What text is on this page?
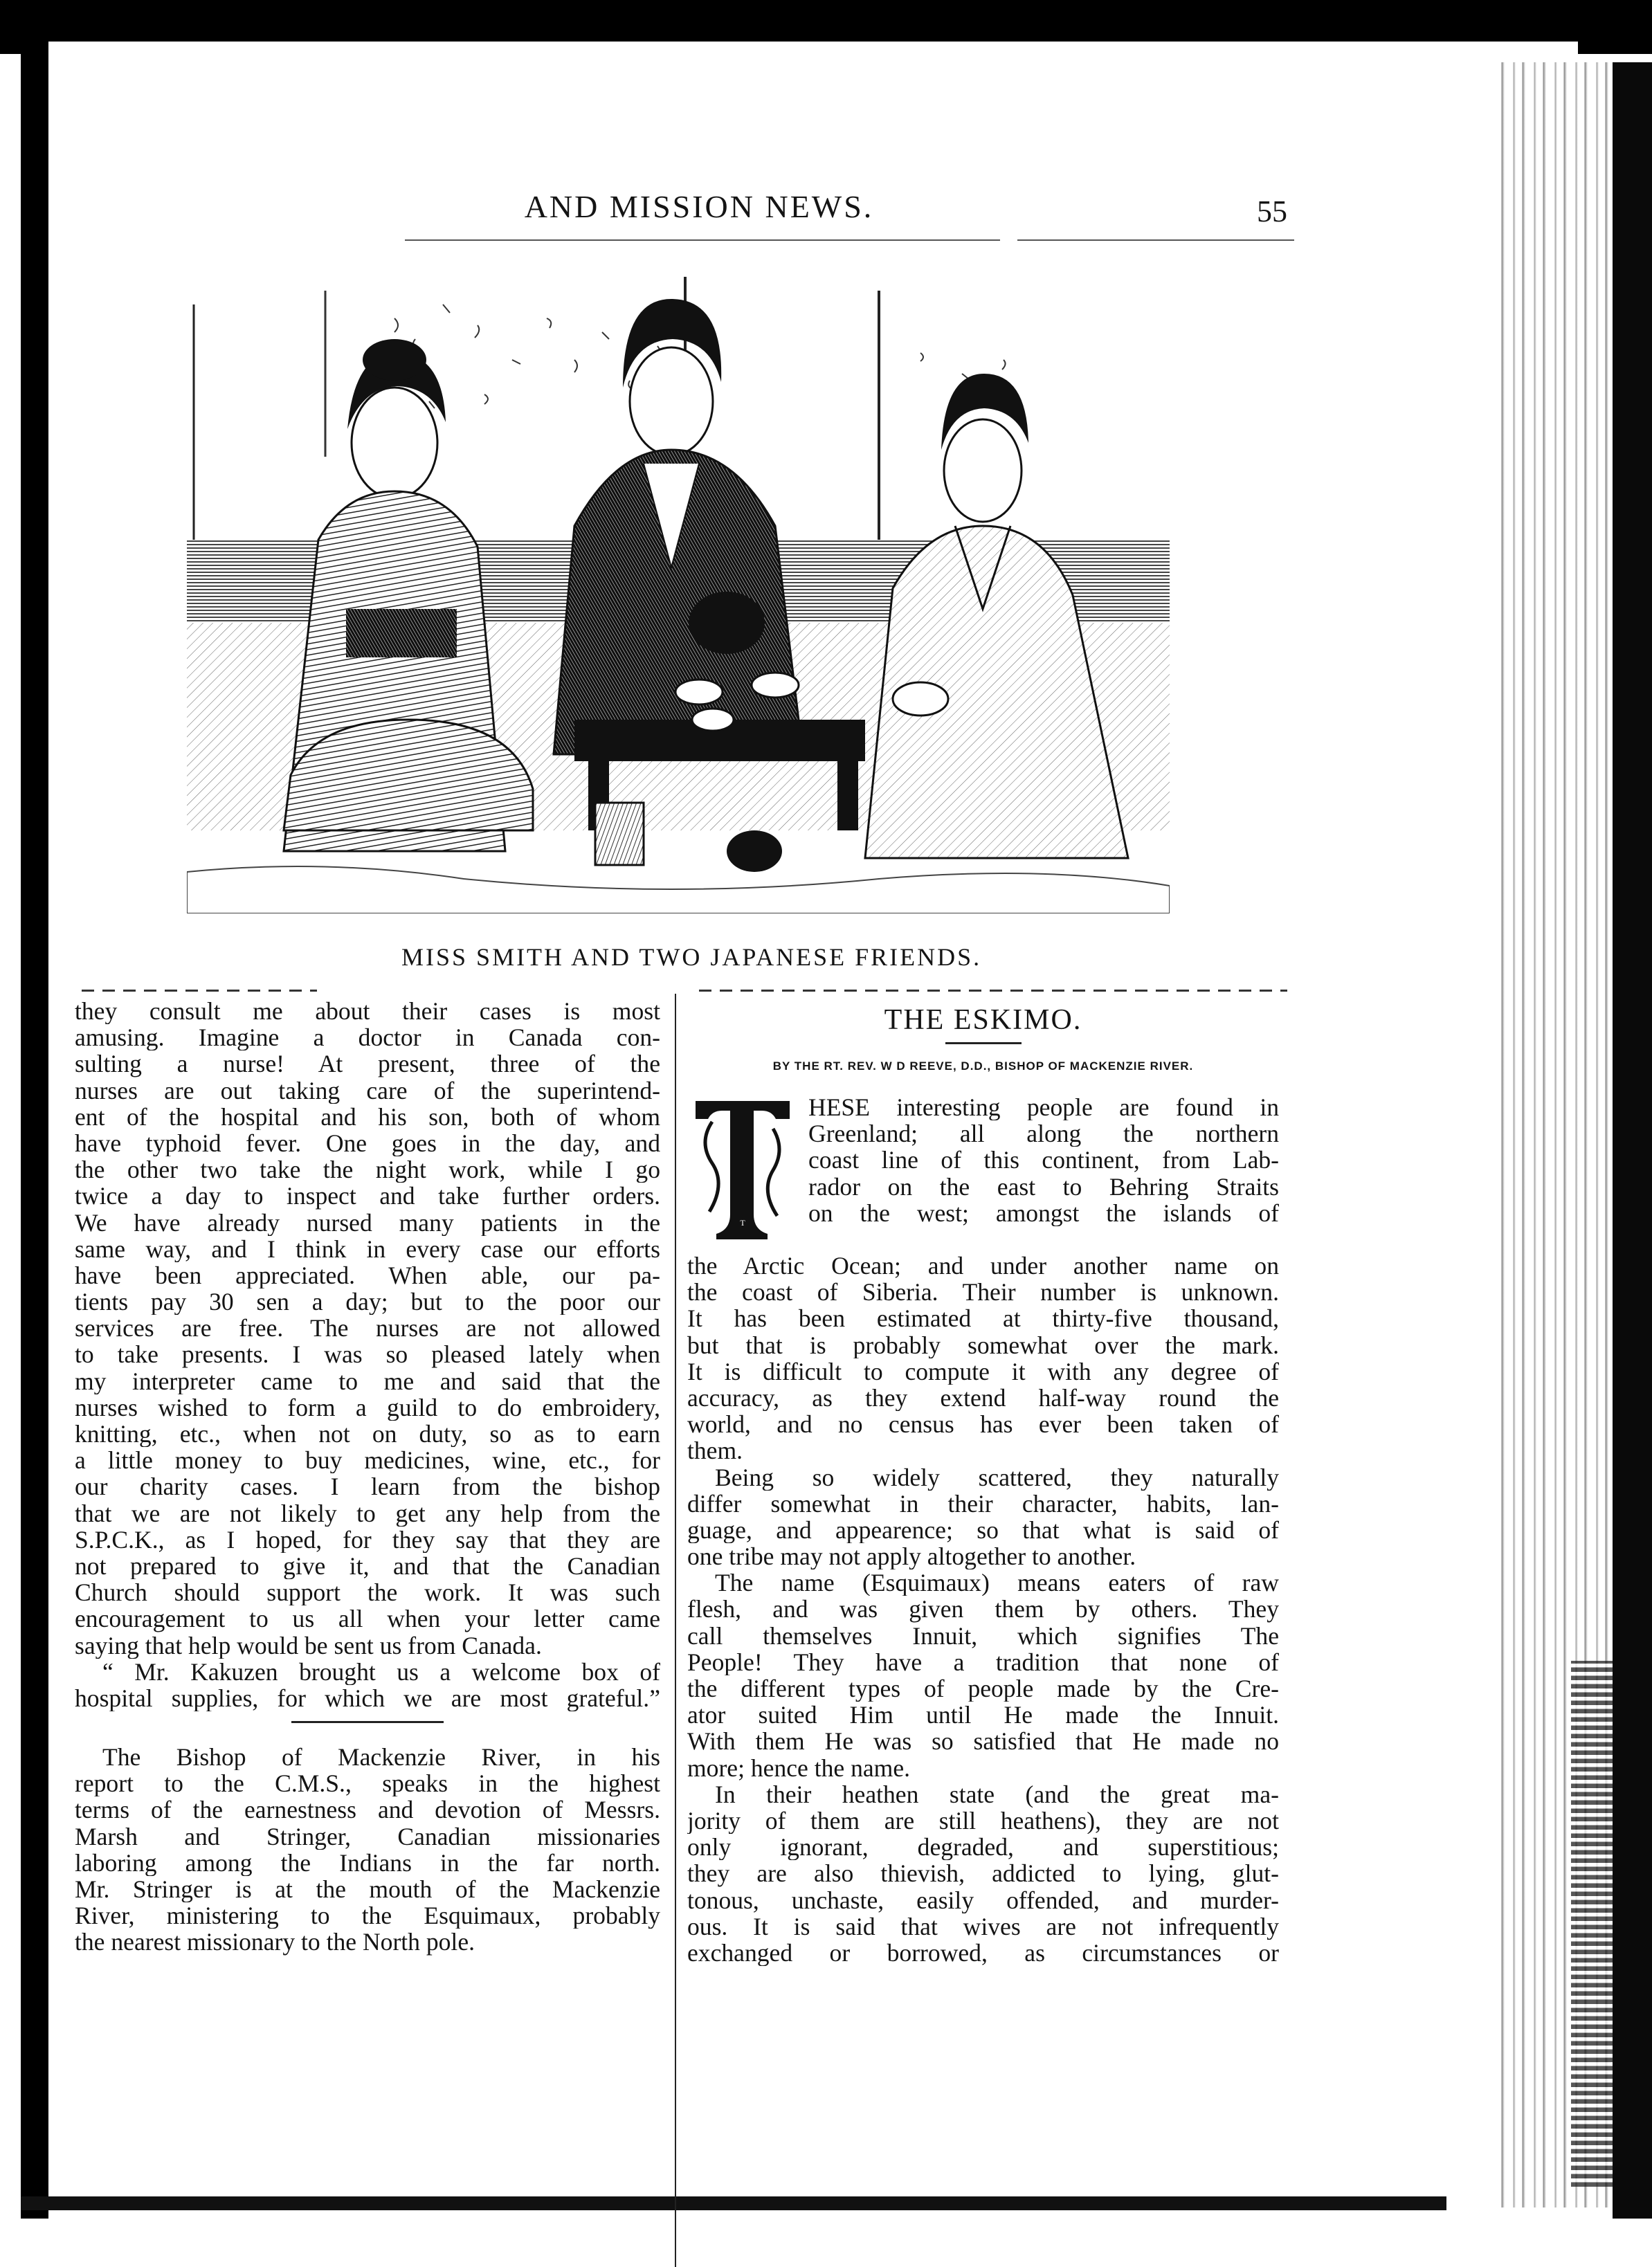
AND MISSION NEWS.	55
MISS SMITH AND TWO JAPANESE FRIENDS.
they consult me about their cases is most
amusing. Imagine a doctor in Canada con-
sulting a nurse! At present, three of the
nurses are out taking care of the superintend-
ent of the hospital and his son, both of whom
have typhoid fever. One goes in the day, and
the other two take the night work, while I go
twice a day to inspect and take further orders.
We have already nursed many patients in the
same way, and I think in every case our efforts
have been appreciated. When able, our pa-
tients pay 30 sen a day; but to the poor our
services are free. The nurses are not allowed
to take presents. I was so pleased lately when
my interpreter came to me and said that the
nurses wished to form a guild to do embroidery,
knitting, etc., when not on duty, so as to earn
a little money to buy medicines, wine, etc., for
our charity cases. I learn from the bishop
that we are not likely to get any help from the
S.P.C.K., as I hoped, for they say that they are
not prepared to give it, and that the Canadian
Church should support the work. It was such
encouragement to us all when your letter came
saying that help would be sent us from Canada.
“ Mr. Kakuzen brought us a welcome box of
hospital supplies, for which we are most grateful.”
The Bishop of Mackenzie River, in his
report to the C.M.S., speaks in the highest
terms of the earnestness and devotion of Messrs.
Marsh and Stringer, Canadian missionaries
laboring among the Indians in the far north.
Mr. Stringer is at the mouth of the Mackenzie
River, ministering to the Esquimaux, probably
the nearest missionary to the North pole.
THE ESKIMO.
BY THE RT. REV. W D REEVE, D.D., BISHOP OF MACKENZIE RIVER.
T
HESE interesting people are found in
Greenland; all along the northern
coast line of this continent, from Lab-
rador on the east to Behring Straits
on the west; amongst the islands of
the Arctic Ocean; and under another name on
the coast of Siberia. Their number is unknown.
It has been estimated at thirty-five thousand,
but that is probably somewhat over the mark.
It is difficult to compute it with any degree of
accuracy, as they extend half-way round the
world, and no census has ever been taken of
them.
Being so widely scattered, they naturally
differ somewhat in their character, habits, lan-
guage, and appearence; so that what is said of
one tribe may not apply altogether to another.
The name (Esquimaux) means eaters of raw
flesh, and was given them by others. They
call themselves Innuit, which signifies The
People! They have a tradition that none of
the different types of people made by the Cre-
ator suited Him until He made the Innuit.
With them He was so satisfied that He made no
more; hence the name.
In their heathen state (and the great ma-
jority of them are still heathens), they are not
only ignorant, degraded, and superstitious;
they are also thievish, addicted to lying, glut-
tonous, unchaste, easily offended, and murder-
ous. It is said that wives are not infrequently
exchanged or borrowed, as circumstances or
